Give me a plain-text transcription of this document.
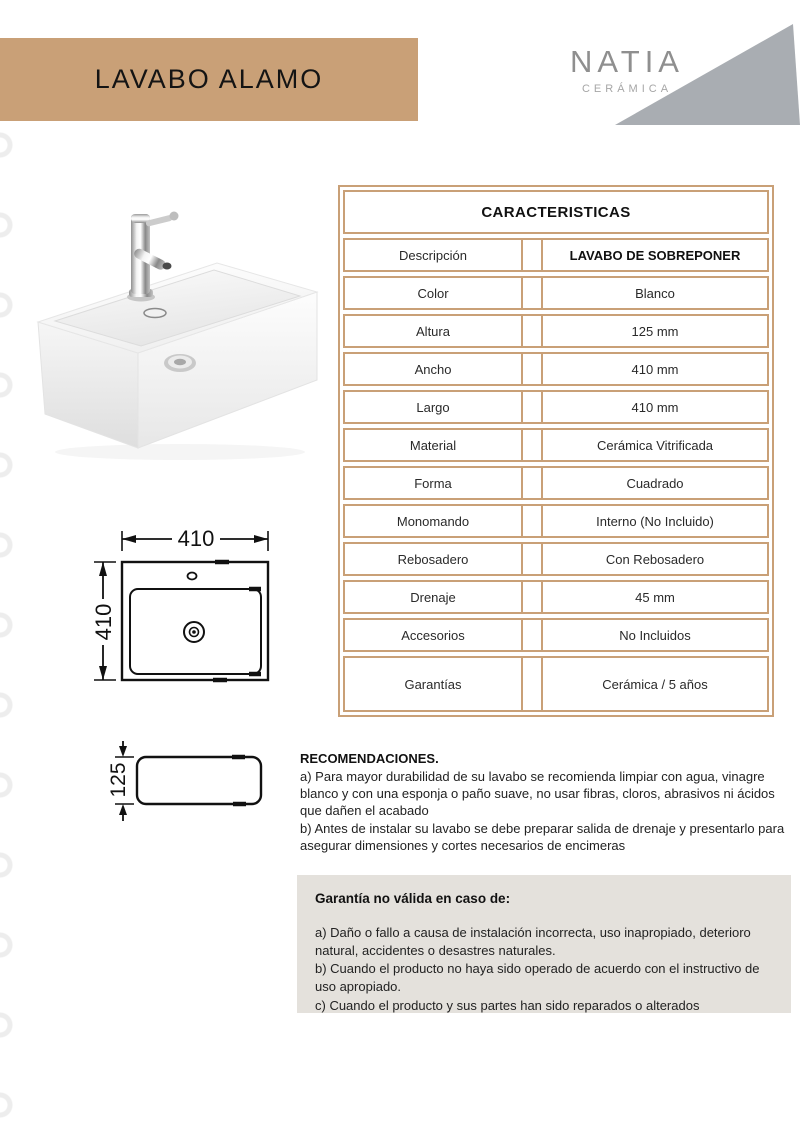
LAVABO ALAMO	NATIA
CERÁMICA
410
410
125
CARACTERISTICAS
Descripción	LAVABO DE SOBREPONER
Color	Blanco
Altura	125 mm
Ancho	410 mm
Largo	410 mm
Material	Cerámica Vitrificada
Forma	Cuadrado
Monomando	Interno (No Incluido)
Rebosadero	Con Rebosadero
Drenaje	45 mm
Accesorios	No Incluidos
Garantías	Cerámica / 5 años
RECOMENDACIONES.

a) Para mayor durabilidad de su lavabo se recomienda limpiar con agua, vinagre blanco y con una esponja o paño suave, no usar fibras, cloros, abrasivos ni ácidos que dañen el acabado

b) Antes de instalar su lavabo se debe preparar salida de drenaje y presentarlo para asegurar dimensiones y cortes necesarios de encimeras

Garantía no válida en caso de:

a) Daño o fallo a causa de instalación incorrecta, uso inapropiado, deterioro natural, accidentes o desastres naturales.

b) Cuando el producto no haya sido operado de acuerdo con el instructivo de uso apropiado.

c) Cuando el producto y sus partes han sido reparados o alterados
